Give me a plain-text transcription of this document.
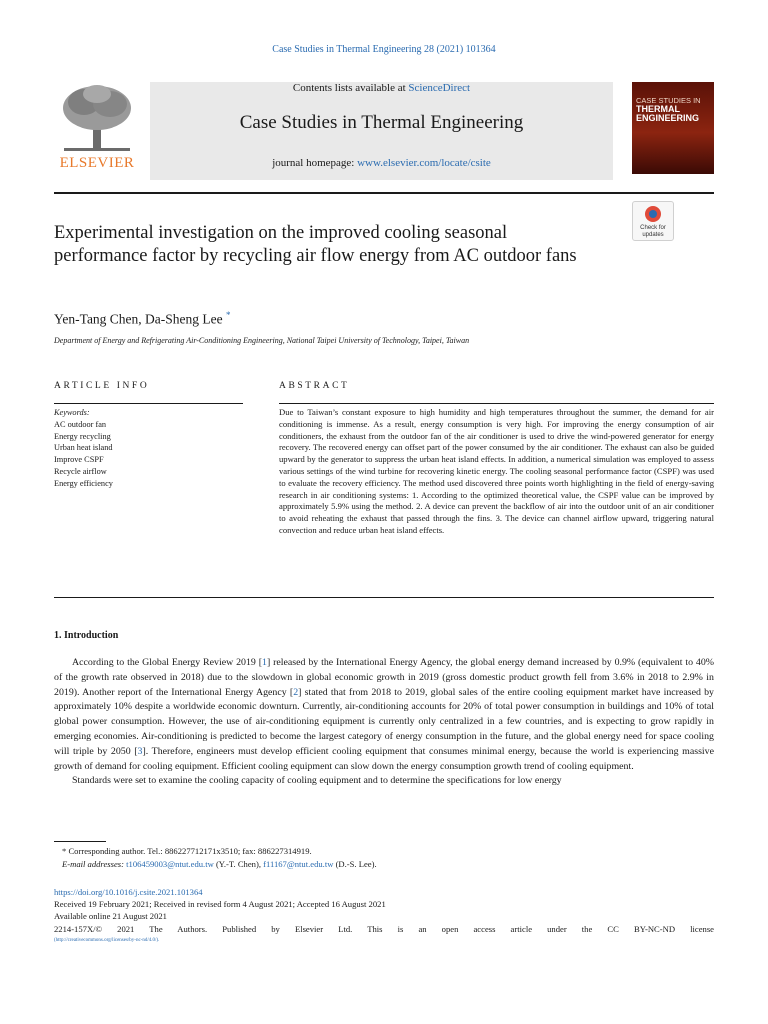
Case Studies in Thermal Engineering 28 (2021) 101364
ELSEVIER
Contents lists available at ScienceDirect
Case Studies in Thermal Engineering
journal homepage: www.elsevier.com/locate/csite
CASE STUDIES IN
THERMAL ENGINEERING
Check for updates
Experimental investigation on the improved cooling seasonal performance factor by recycling air flow energy from AC outdoor fans
Yen-Tang Chen, Da-Sheng Lee *
Department of Energy and Refrigerating Air-Conditioning Engineering, National Taipei University of Technology, Taipei, Taiwan
ARTICLE INFO	ABSTRACT
Keywords:
AC outdoor fan
Energy recycling
Urban heat island
Improve CSPF
Recycle airflow
Energy efficiency
Due to Taiwan’s constant exposure to high humidity and high temperatures throughout the summer, the demand for air conditioning is immense. As a result, energy consumption is very high. For improving the energy consumption of air conditioners, the exhaust from the outdoor fan of the air conditioner is used to drive the wind-powered generator for energy recovery. The recovered energy can offset part of the power consumed by the air conditioner. The exhaust can also be guided upward by the generator to suppress the urban heat island effects. In addition, a numerical simulation was employed to assess various settings of the wind turbine for recovering kinetic energy. The cooling seasonal performance factor (CSPF) was used to evaluate the recovery efficiency. The method used discovered three points worth highlighting in the field of energy-saving research in air conditioning systems: 1. According to the optimized theoretical value, the CSPF value can be improved by approximately 5.9% using the method. 2. A device can prevent the backflow of air into the outdoor unit of an air conditioner to avoid reheating the exhaust that passed through the fins. 3. The device can channel airflow upward, triggering natural convection and reduce urban heat island effects.
1. Introduction

According to the Global Energy Review 2019 [1] released by the International Energy Agency, the global energy demand increased by 0.9% (equivalent to 40% of the growth rate observed in 2018) due to the slowdown in global economic growth in 2019 (gross domestic product growth fell from 3.6% in 2018 to 2.9% in 2019). Another report of the International Energy Agency [2] stated that from 2018 to 2019, global sales of the entire cooling equipment market have increased by approximately 10% despite a worldwide economic downturn. Currently, air-conditioning accounts for 20% of total power consumption in buildings and 10% of total global power consumption. However, the use of air-conditioning equipment is currently only centralized in a few countries, and is expecting to grow rapidly in emerging economies. Air-conditioning is predicted to become the largest category of energy consumption in the future, and the global energy need for space cooling will triple by 2050 [3]. Therefore, engineers must develop efficient cooling equipment that consumes minimal energy, because the world is experiencing massive growth of demand for cooling equipment. Efficient cooling equipment can slow down the energy consumption growth trend of cooling equipment.

Standards were set to examine the cooling capacity of cooling equipment and to determine the specifications for low energy

* Corresponding author. Tel.: 886227712171x3510; fax: 886227314919.
E-mail addresses: t106459003@ntut.edu.tw (Y.-T. Chen), f11167@ntut.edu.tw (D.-S. Lee).
https://doi.org/10.1016/j.csite.2021.101364
Received 19 February 2021; Received in revised form 4 August 2021; Accepted 16 August 2021
Available online 21 August 2021
2214-157X/© 2021 The Authors. Published by Elsevier Ltd. This is an open access article under the CC BY-NC-ND license
(http://creativecommons.org/licenses/by-nc-nd/4.0/).
